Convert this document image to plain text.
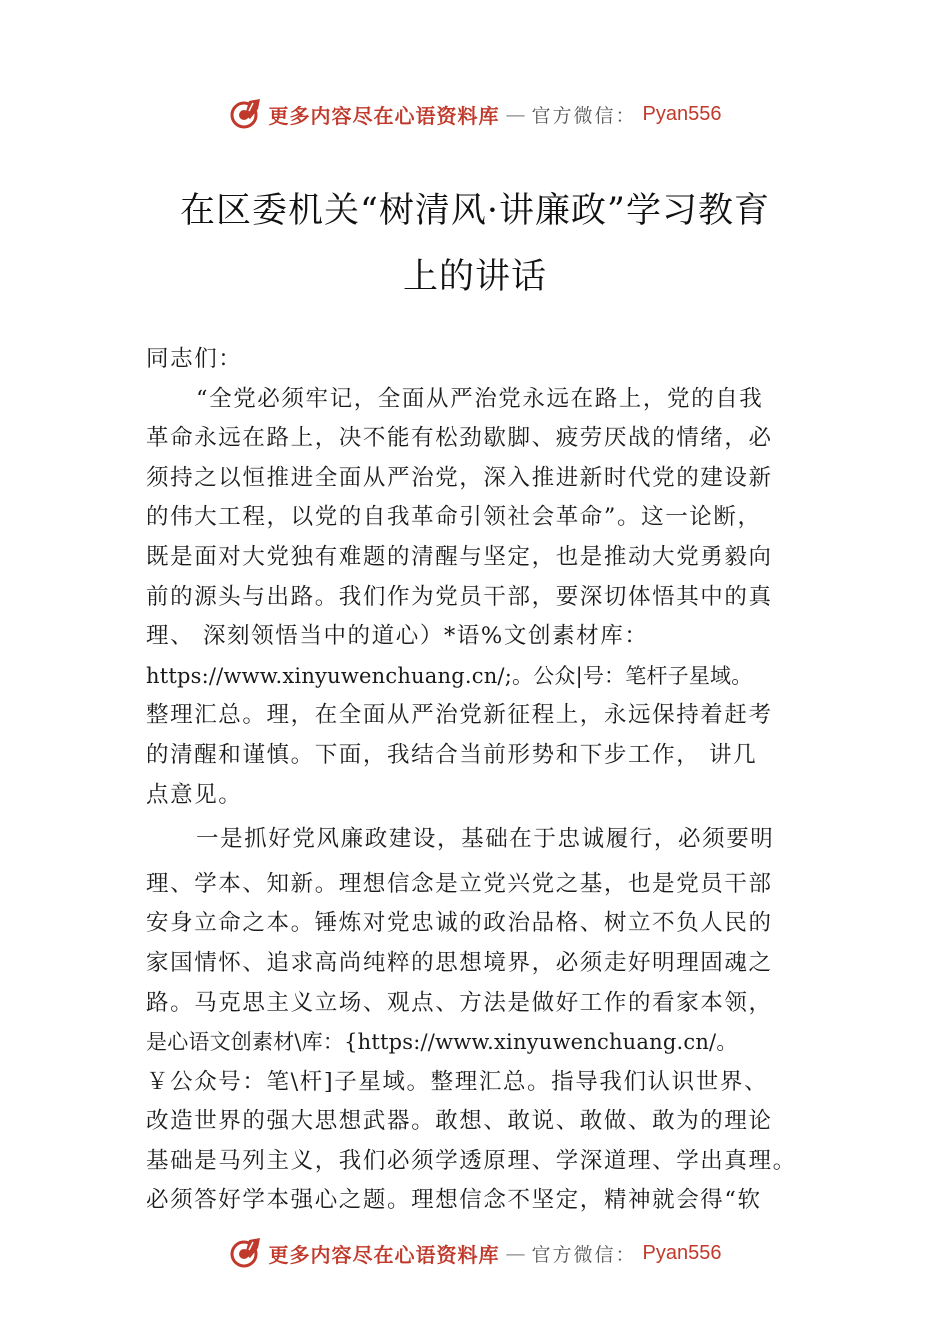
更多内容尽在心语资料库 — 官方微信： Pyan556
在区委机关“树清风·讲廉政”学习教育
上的讲话
同志们：
“全党必须牢记，全面从严治党永远在路上，党的自我
革命永远在路上，决不能有松劲歇脚、疲劳厌战的情绪，必
须持之以恒推进全面从严治党，深入推进新时代党的建设新
的伟大工程，以党的自我革命引领社会革命”。这一论断，
既是面对大党独有难题的清醒与坚定，也是推动大党勇毅向
前的源头与出路。我们作为党员干部，要深切体悟其中的真
理、 深刻领悟当中的道心）*语%文创素材库：
https://www.xinyuwenchuang.cn/;。公众|号：笔杆子星域。
整理汇总。理，在全面从严治党新征程上，永远保持着赶考
的清醒和谨慎。下面，我结合当前形势和下步工作， 讲几
点意见。
一是抓好党风廉政建设，基础在于忠诚履行，必须要明
理、学本、知新。理想信念是立党兴党之基，也是党员干部
安身立命之本。锤炼对党忠诚的政治品格、树立不负人民的
家国情怀、追求高尚纯粹的思想境界，必须走好明理固魂之
路。马克思主义立场、观点、方法是做好工作的看家本领，
是心语文创素材\库：{https://www.xinyuwenchuang.cn/。
￥公众号：笔\杆]子星域。整理汇总。指导我们认识世界、
改造世界的强大思想武器。敢想、敢说、敢做、敢为的理论
基础是马列主义，我们必须学透原理、学深道理、学出真理。
必须答好学本强心之题。理想信念不坚定，精神就会得“软
更多内容尽在心语资料库 — 官方微信： Pyan556
